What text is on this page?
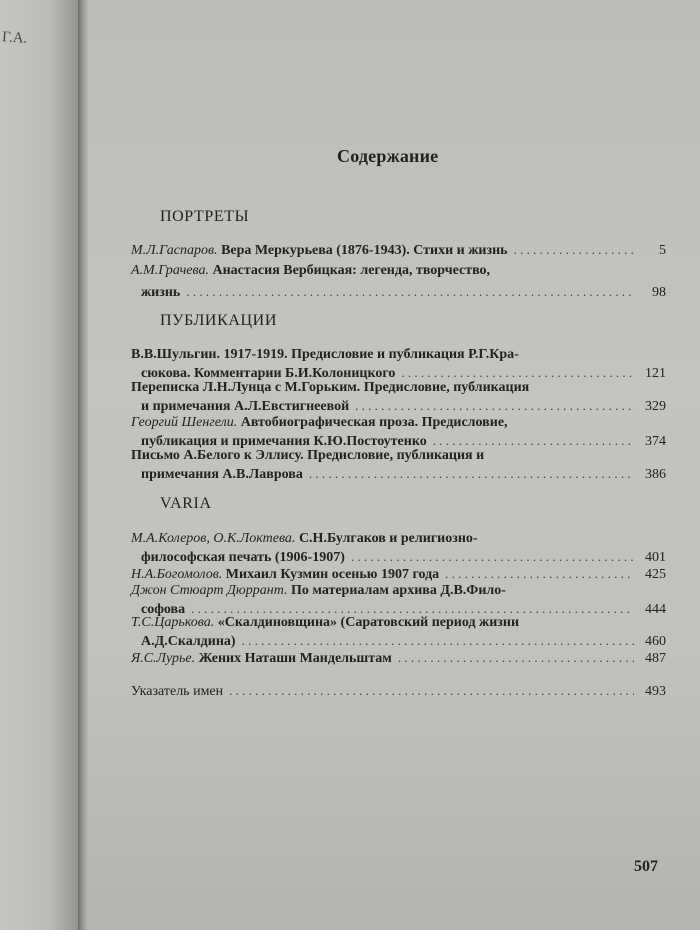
Г.А.
Содержание
ПОРТРЕТЫ
М.Л.Гаспаров. Вера Меркурьева (1876-1943). Стихи и жизнь . . .	5
А.М.Грачева. Анастасия Вербицкая: легенда, творчество,
жизнь . . .	98
ПУБЛИКАЦИИ
В.В.Шульгин. 1917-1919. Предисловие и публикация Р.Г.Кра-
сюкова. Комментарии Б.И.Колоницкого . . .	121
Переписка Л.Н.Лунца с М.Горьким. Предисловие, публикация
и примечания А.Л.Евстигнеевой . . .	329
Георгий Шенгели. Автобиографическая проза. Предисловие,
публикация и примечания К.Ю.Постоутенко . . .	374
Письмо А.Белого к Эллису. Предисловие, публикация и
примечания А.В.Лаврова . . .	386
VARIA
М.А.Колеров, О.К.Локтева. С.Н.Булгаков и религиозно-
философская печать (1906-1907) . . .	401
Н.А.Богомолов. Михаил Кузмин осенью 1907 года . . .	425
Джон Стюарт Дюррант. По материалам архива Д.В.Фило-
софова . . .	444
Т.С.Царькова. «Скалдиновщина» (Саратовский период жизни
А.Д.Скалдина) . . .	460
Я.С.Лурье. Жених Наташи Мандельштам . . .	487
Указатель имен . . .	493
507
